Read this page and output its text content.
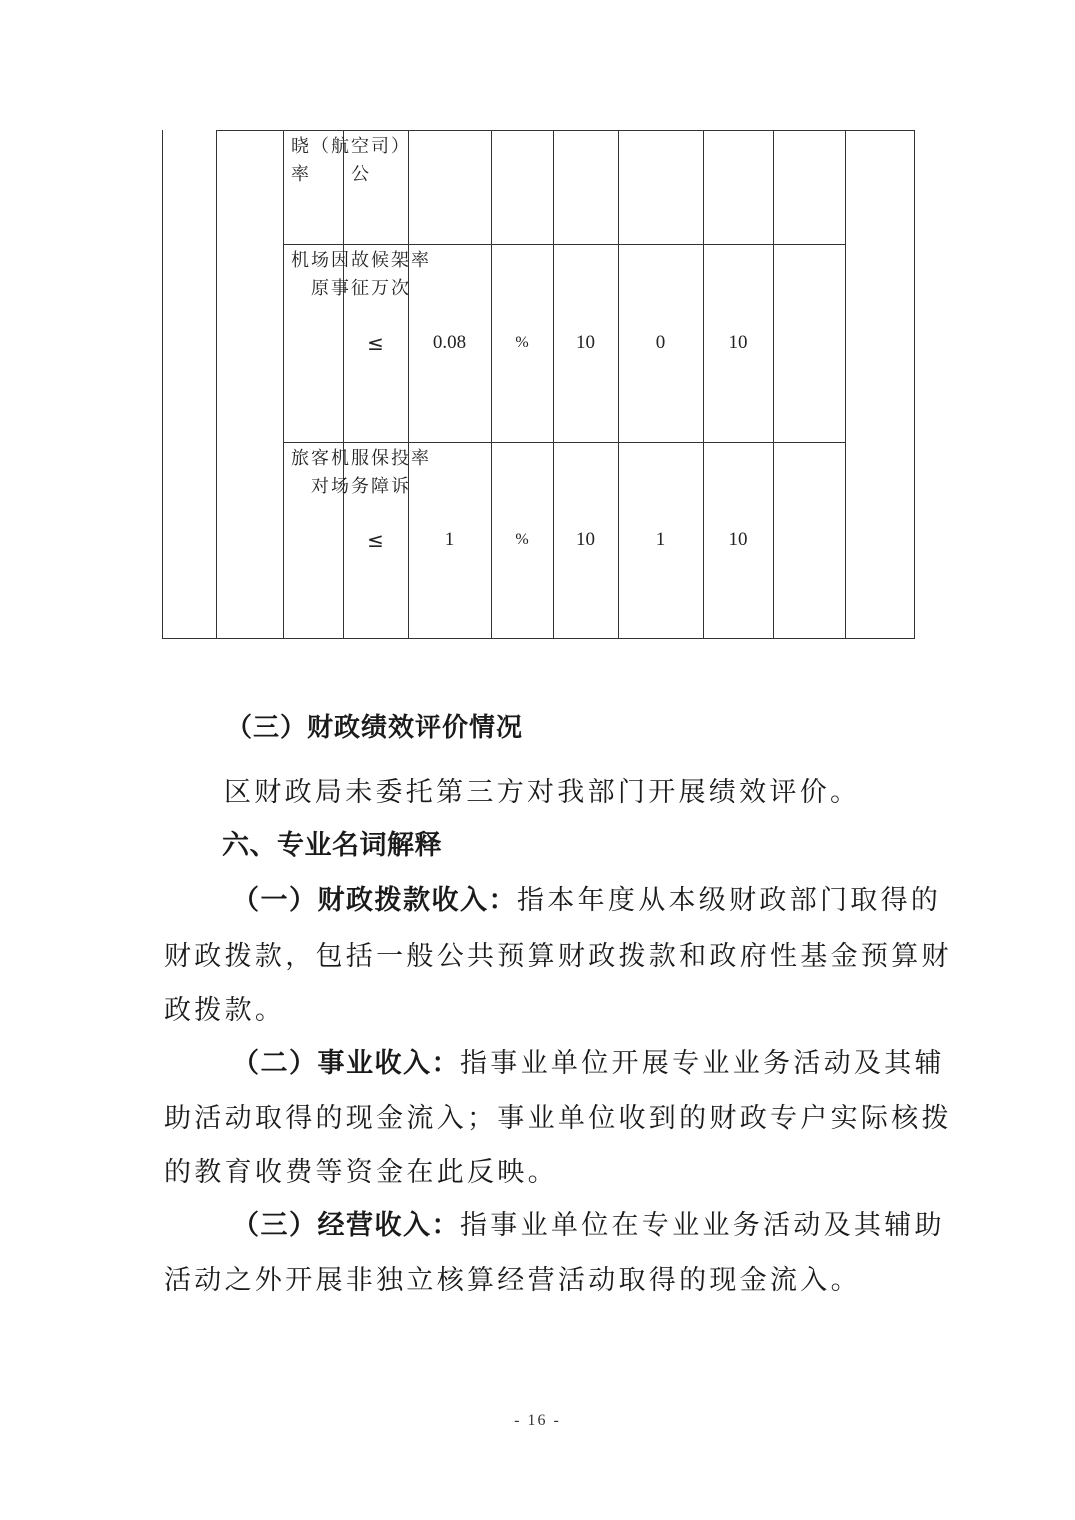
晓率
（航 空公
司）
机 场原
因事
故征
候万
架次
率
≤	0.08	%	10	0	10
旅 客对
机场
服务
保障
投诉
率
≤	1	%	10	1	10
（三）财政绩效评价情况
区财政局未委托第三方对我部门开展绩效评价。
六、专业名词解释
（一）财政拨款收入：指本年度从本级财政部门取得的
财政拨款，包括一般公共预算财政拨款和政府性基金预算财
政拨款。
（二）事业收入：指事业单位开展专业业务活动及其辅
助活动取得的现金流入；事业单位收到的财政专户实际核拨
的教育收费等资金在此反映。
（三）经营收入：指事业单位在专业业务活动及其辅助
活动之外开展非独立核算经营活动取得的现金流入。
- 16 -
